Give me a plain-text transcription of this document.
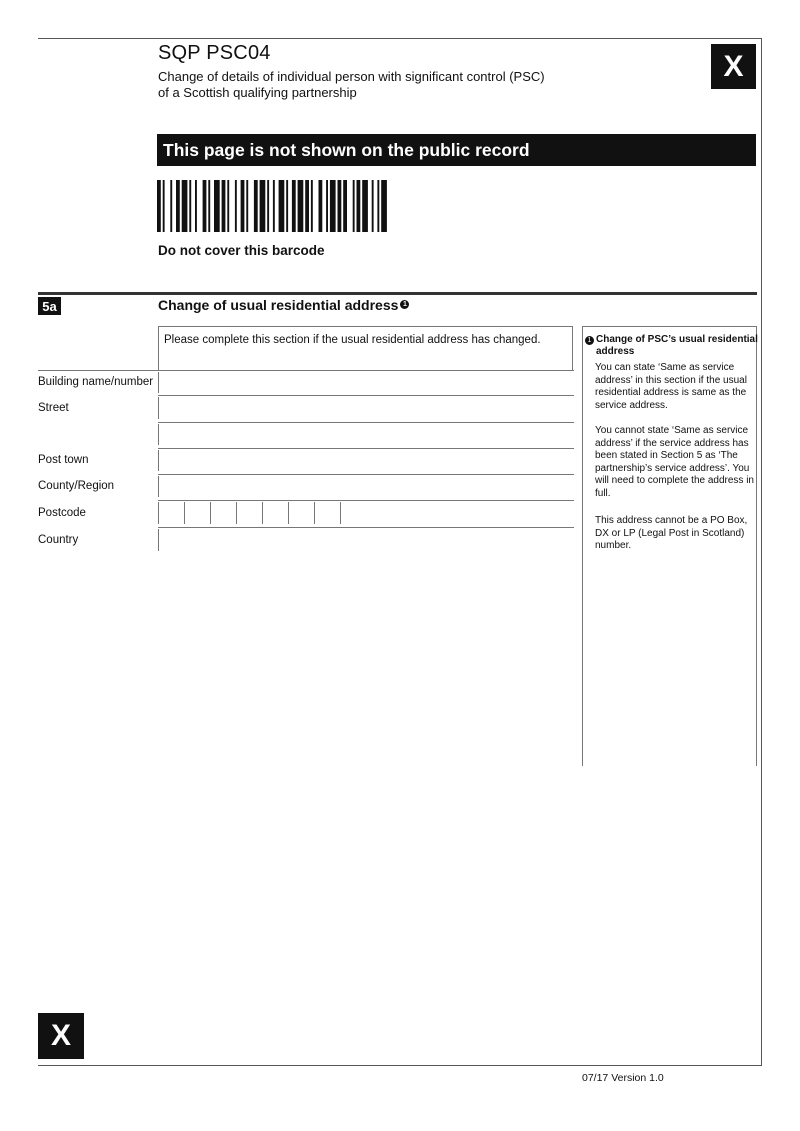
SQP PSC04
Change of details of individual person with significant control (PSC)
of a Scottish qualifying partnership
X
This page is not shown on the public record
Do not cover this barcode
5a	Change of usual residential address 1
Please complete this section if the usual residential address has changed.
Building name/number
Street
Post town
County/Region
Postcode
Country
1 Change of PSC’s usual residential address
You can state ‘Same as service address’ in this section if the usual residential address is same as the service address.
You cannot state ‘Same as service address’ if the service address has been stated in Section 5 as ‘The partnership’s service address’. You will need to complete the address in full.
This address cannot be a PO Box, DX or LP (Legal Post in Scotland) number.
X
07/17 Version 1.0
